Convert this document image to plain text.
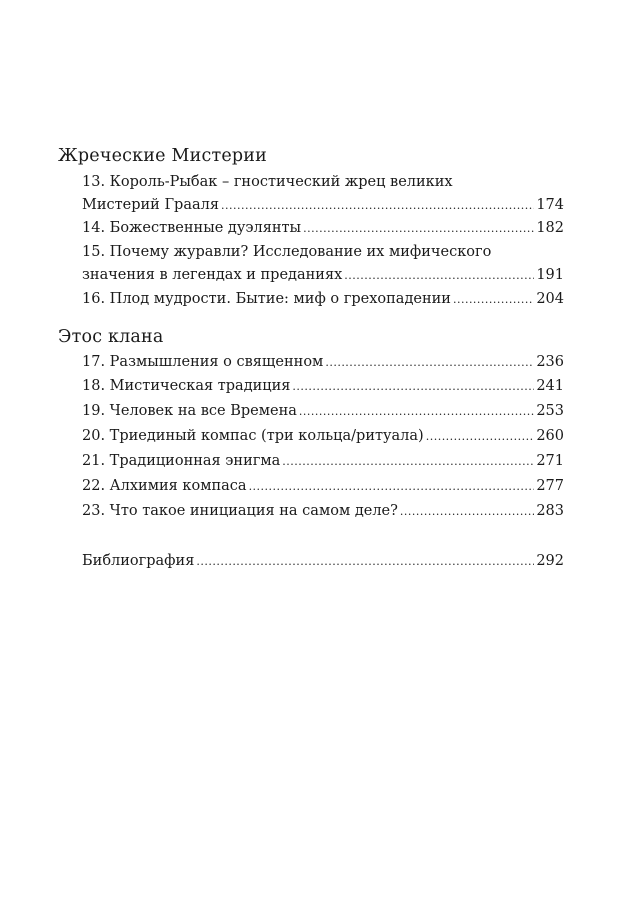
Жреческие Мистерии
13. Король-Рыбак – гностический жрец великих
Мистерий Грааля .....	174
14. Божественные дуэлянты .....	182
15. Почему журавли? Исследование их мифического
значения в легендах и преданиях .....	191
16. Плод мудрости. Бытие: миф о грехопадении .....	204
Этос клана
17. Размышления о священном .....	236
18. Мистическая традиция .....	241
19. Человек на все Времена .....	253
20. Триединый компас (три кольца/ритуала) .....	260
21. Традиционная энигма .....	271
22. Алхимия компаса .....	277
23. Что такое инициация на самом деле? .....	283
Библиография .....	292
